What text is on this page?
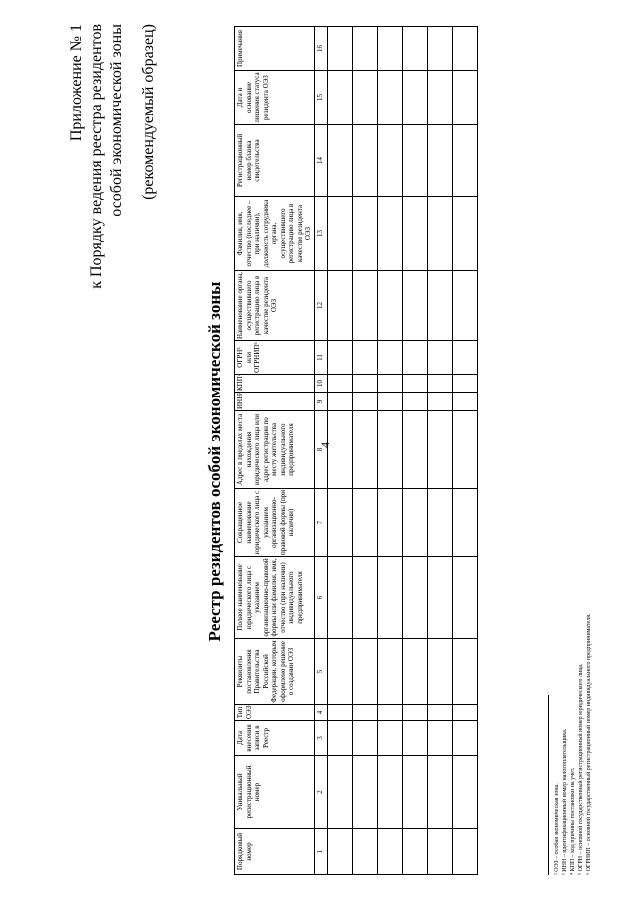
4
Приложение № 1 к Порядку ведения реестра резидентов особой экономической зоны (рекомендуемый образец)
Реестр резидентов особой экономической зоны
Порядковый номер	Уникальный регистрационный номер	Дата внесения записи в Реестр	Тип ОЭЗ²	Реквизиты постановления Правительства Российской Федерации, которым оформлено решение о создании ОЭЗ	Полное наименование юридического лица с указанием организационно-правовой формы или фамилия, имя, отчество (при наличии) индивидуального предпринимателя	Сокращенное наименование юридического лица с указанием организационно-правовой формы (при наличии)	Адрес в пределах места нахождения юридического лица или адрес регистрации по месту жительства индивидуального предпринимателя	ИНН³	КПП⁴	ОГРН⁵ или ОГРНИП⁶	Наименование органа, осуществившего регистрацию лица в качестве резидента ОЭЗ	Фамилия, имя, отчество (последнее – при наличии), должность сотрудника органа, осуществившего регистрацию лица в качестве резидента ОЭЗ	Регистрационный номер бланка свидетельства	Дата и основание лишения статуса резидента ОЭЗ	Примечания
1	2	3	4	5	6	7	8	9	10	11	12	13	14	15	16

² ОЭЗ – особая экономическая зона. ³ ИНН – идентификационный номер налогоплательщика. ⁴ КПП – код причины постановки на учет. ⁵ ОГРН – основной государственный регистрационный номер юридического лица. ⁶ ОГРНИП – основной государственный регистрационный номер индивидуального предпринимателя.
